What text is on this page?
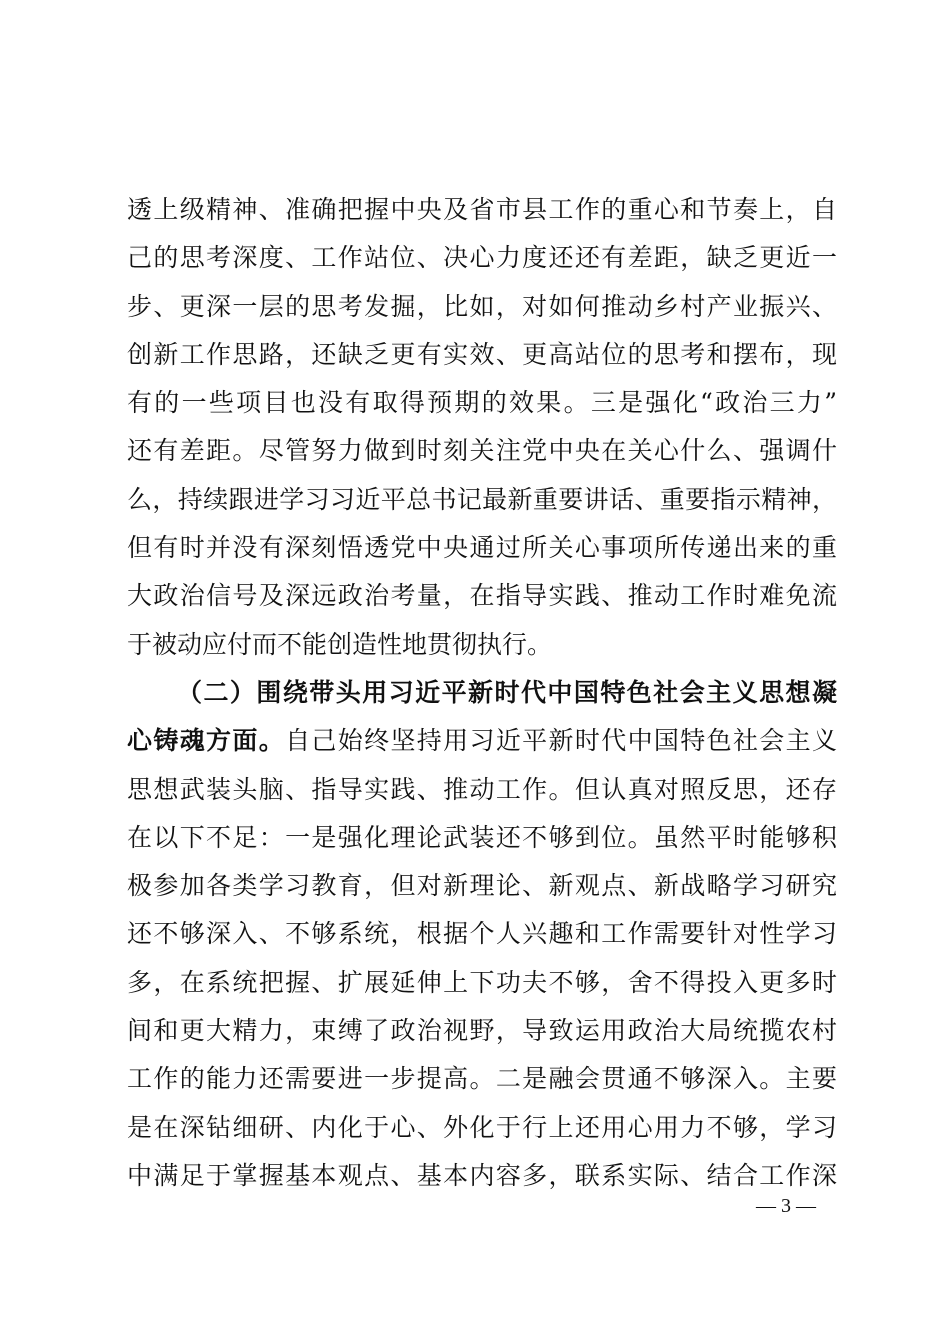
透上级精神、准确把握中央及省市县工作的重心和节奏上，自
己的思考深度、工作站位、决心力度还还有差距，缺乏更近一
步、更深一层的思考发掘，比如，对如何推动乡村产业振兴、
创新工作思路，还缺乏更有实效、更高站位的思考和摆布，现
有的一些项目也没有取得预期的效果。三是强化“政治三力”
还有差距。尽管努力做到时刻关注党中央在关心什么、强调什
么，持续跟进学习习近平总书记最新重要讲话、重要指示精神，
但有时并没有深刻悟透党中央通过所关心事项所传递出来的重
大政治信号及深远政治考量，在指导实践、推动工作时难免流
于被动应付而不能创造性地贯彻执行。
（二）围绕带头用习近平新时代中国特色社会主义思想凝
心铸魂方面。自己始终坚持用习近平新时代中国特色社会主义
思想武装头脑、指导实践、推动工作。但认真对照反思，还存
在以下不足：一是强化理论武装还不够到位。虽然平时能够积
极参加各类学习教育，但对新理论、新观点、新战略学习研究
还不够深入、不够系统，根据个人兴趣和工作需要针对性学习
多，在系统把握、扩展延伸上下功夫不够，舍不得投入更多时
间和更大精力，束缚了政治视野，导致运用政治大局统揽农村
工作的能力还需要进一步提高。二是融会贯通不够深入。主要
是在深钻细研、内化于心、外化于行上还用心用力不够，学习
中满足于掌握基本观点、基本内容多，联系实际、结合工作深
— 3 —
